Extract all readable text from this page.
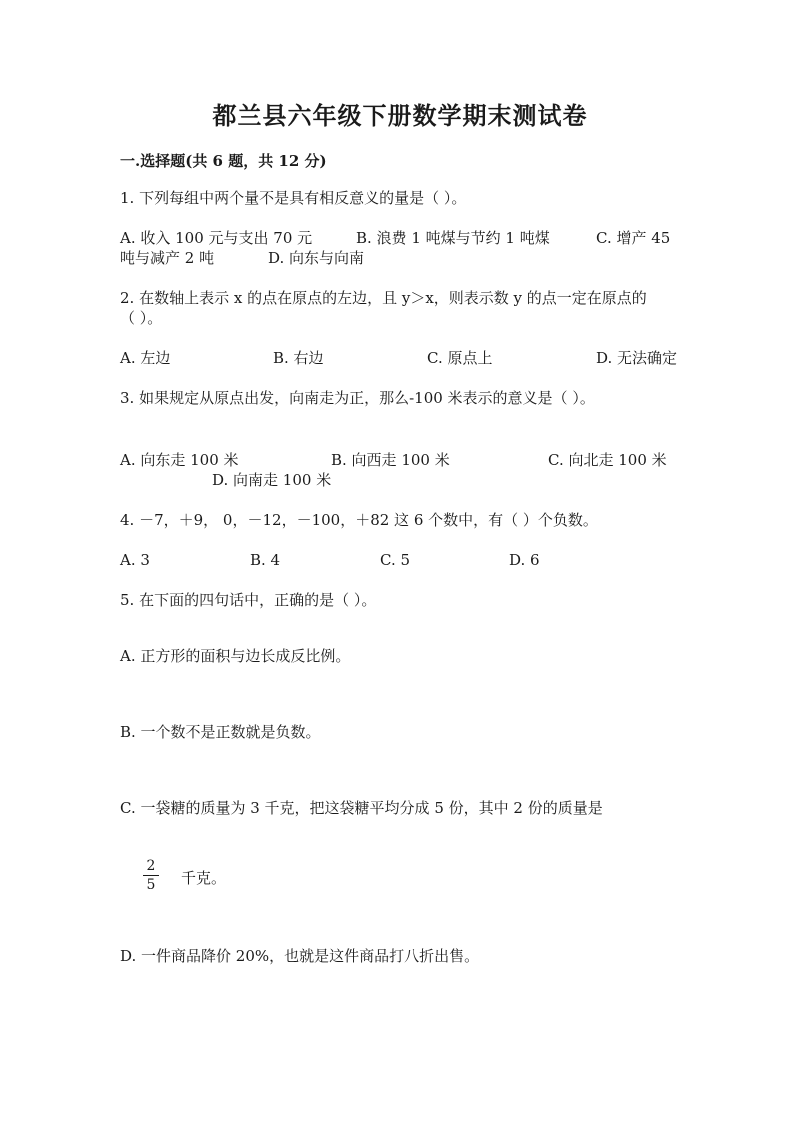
都兰县六年级下册数学期末测试卷
一.选择题(共 6 题，共 12 分)
1. 下列每组中两个量不是具有相反意义的量是（ ）。
A. 收入 100 元与支出 70 元	B. 浪费 1 吨煤与节约 1 吨煤	C. 增产 45
吨与减产 2 吨	D. 向东与向南
2. 在数轴上表示 x 的点在原点的左边，且 y＞x，则表示数 y 的点一定在原点的
（ ）。
A. 左边	B. 右边	C. 原点上	D. 无法确定
3. 如果规定从原点出发，向南走为正，那么-100 米表示的意义是（ ）。
A. 向东走 100 米	B. 向西走 100 米	C. 向北走 100 米
D. 向南走 100 米
4. －7，＋9， 0，－12，－100，＋82 这 6 个数中，有（ ）个负数。
A. 3	B. 4	C. 5	D. 6
5. 在下面的四句话中，正确的是（ ）。
A. 正方形的面积与边长成反比例。
B. 一个数不是正数就是负数。
C. 一袋糖的质量为 3 千克，把这袋糖平均分成 5 份，其中 2 份的质量是
2
5 千克。
D. 一件商品降价 20%，也就是这件商品打八折出售。
